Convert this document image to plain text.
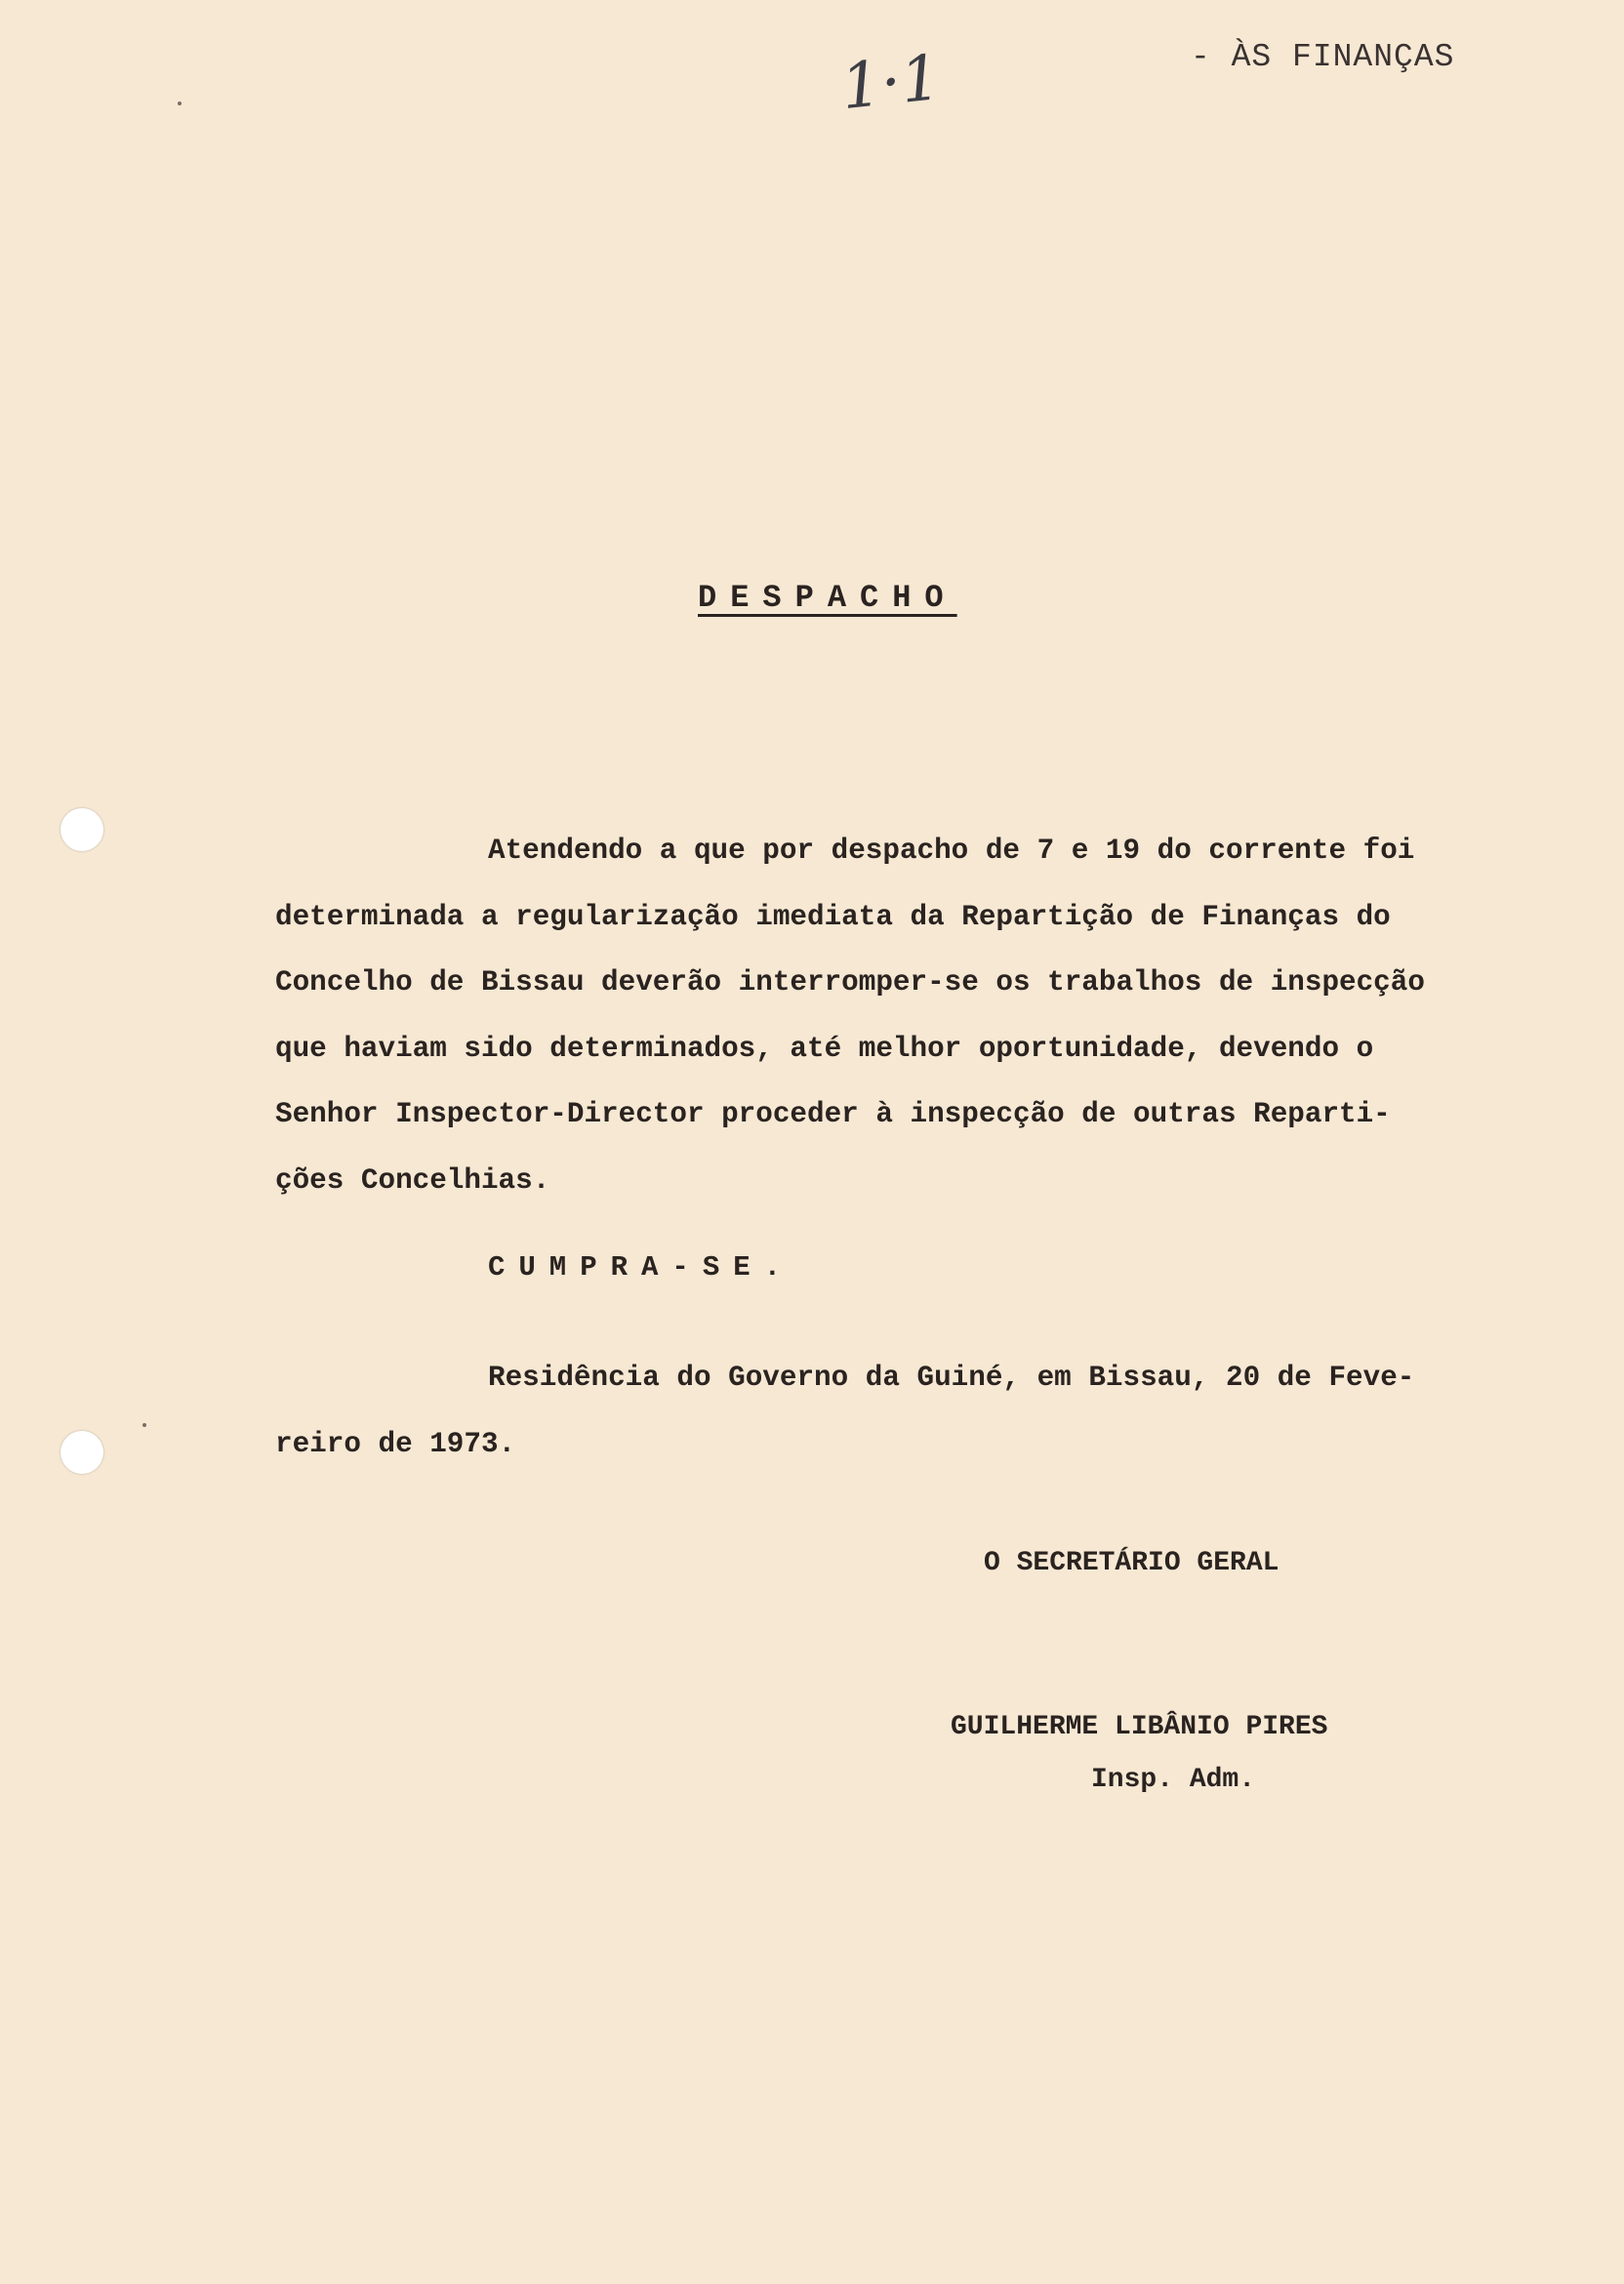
1·1	- ÀS FINANÇAS
DESPACHO

Atendendo a que por despacho de 7 e 19 do corrente foi
determinada a regularização imediata da Repartição de Finanças do
Concelho de Bissau deverão interromper-se os trabalhos de inspecção
que haviam sido determinados, até melhor oportunidade, devendo o
Senhor Inspector-Director proceder à inspecção de outras Reparti-
ções Concelhias.

CUMPRA-SE.
Residência do Governo da Guiné, em Bissau, 20 de Feve-
reiro de 1973.
O SECRETÁRIO GERAL
GUILHERME LIBÂNIO PIRES
Insp. Adm.
